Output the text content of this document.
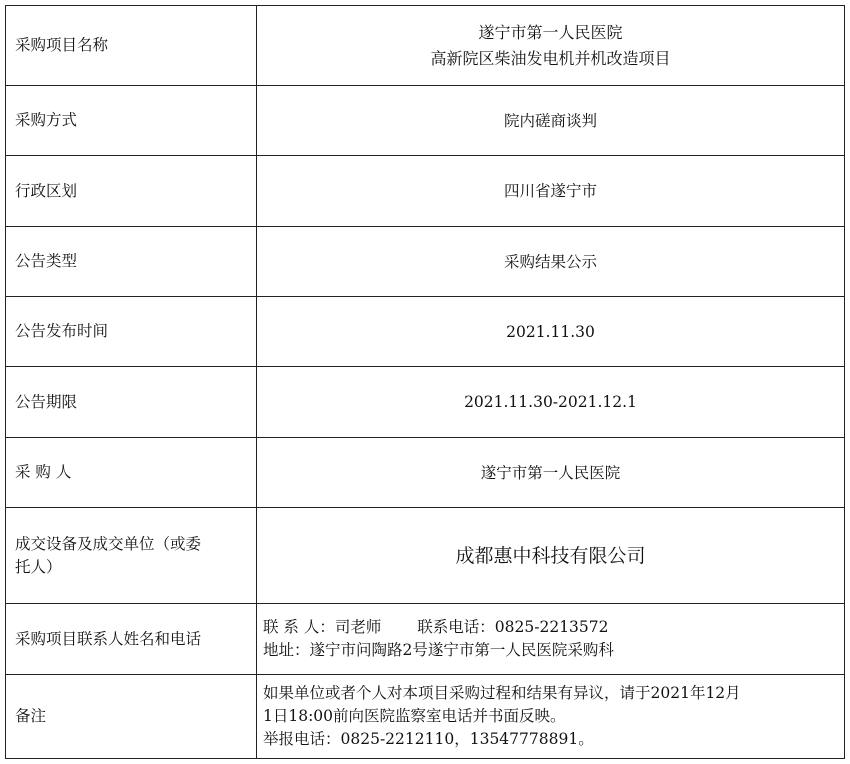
采购项目名称	遂宁市第一人民医院
高新院区柴油发电机并机改造项目

采购方式	院内磋商谈判
行政区划	四川省遂宁市
公告类型	采购结果公示
公告发布时间	2021.11.30
公告期限	2021.11.30-2021.12.1
采 购 人	遂宁市第一人民医院

成交设备及成交单位（或委
托人）	成都惠中科技有限公司
采购项目联系人姓名和电话	联 系 人：司老师　　 联系电话：0825-2213572
地址：遂宁市问陶路2号遂宁市第一人民医院采购科

备注	如果单位或者个人对本项目采购过程和结果有异议，请于2021年12月
1日18:00前向医院监察室电话并书面反映。
举报电话：0825-2212110，13547778891。
